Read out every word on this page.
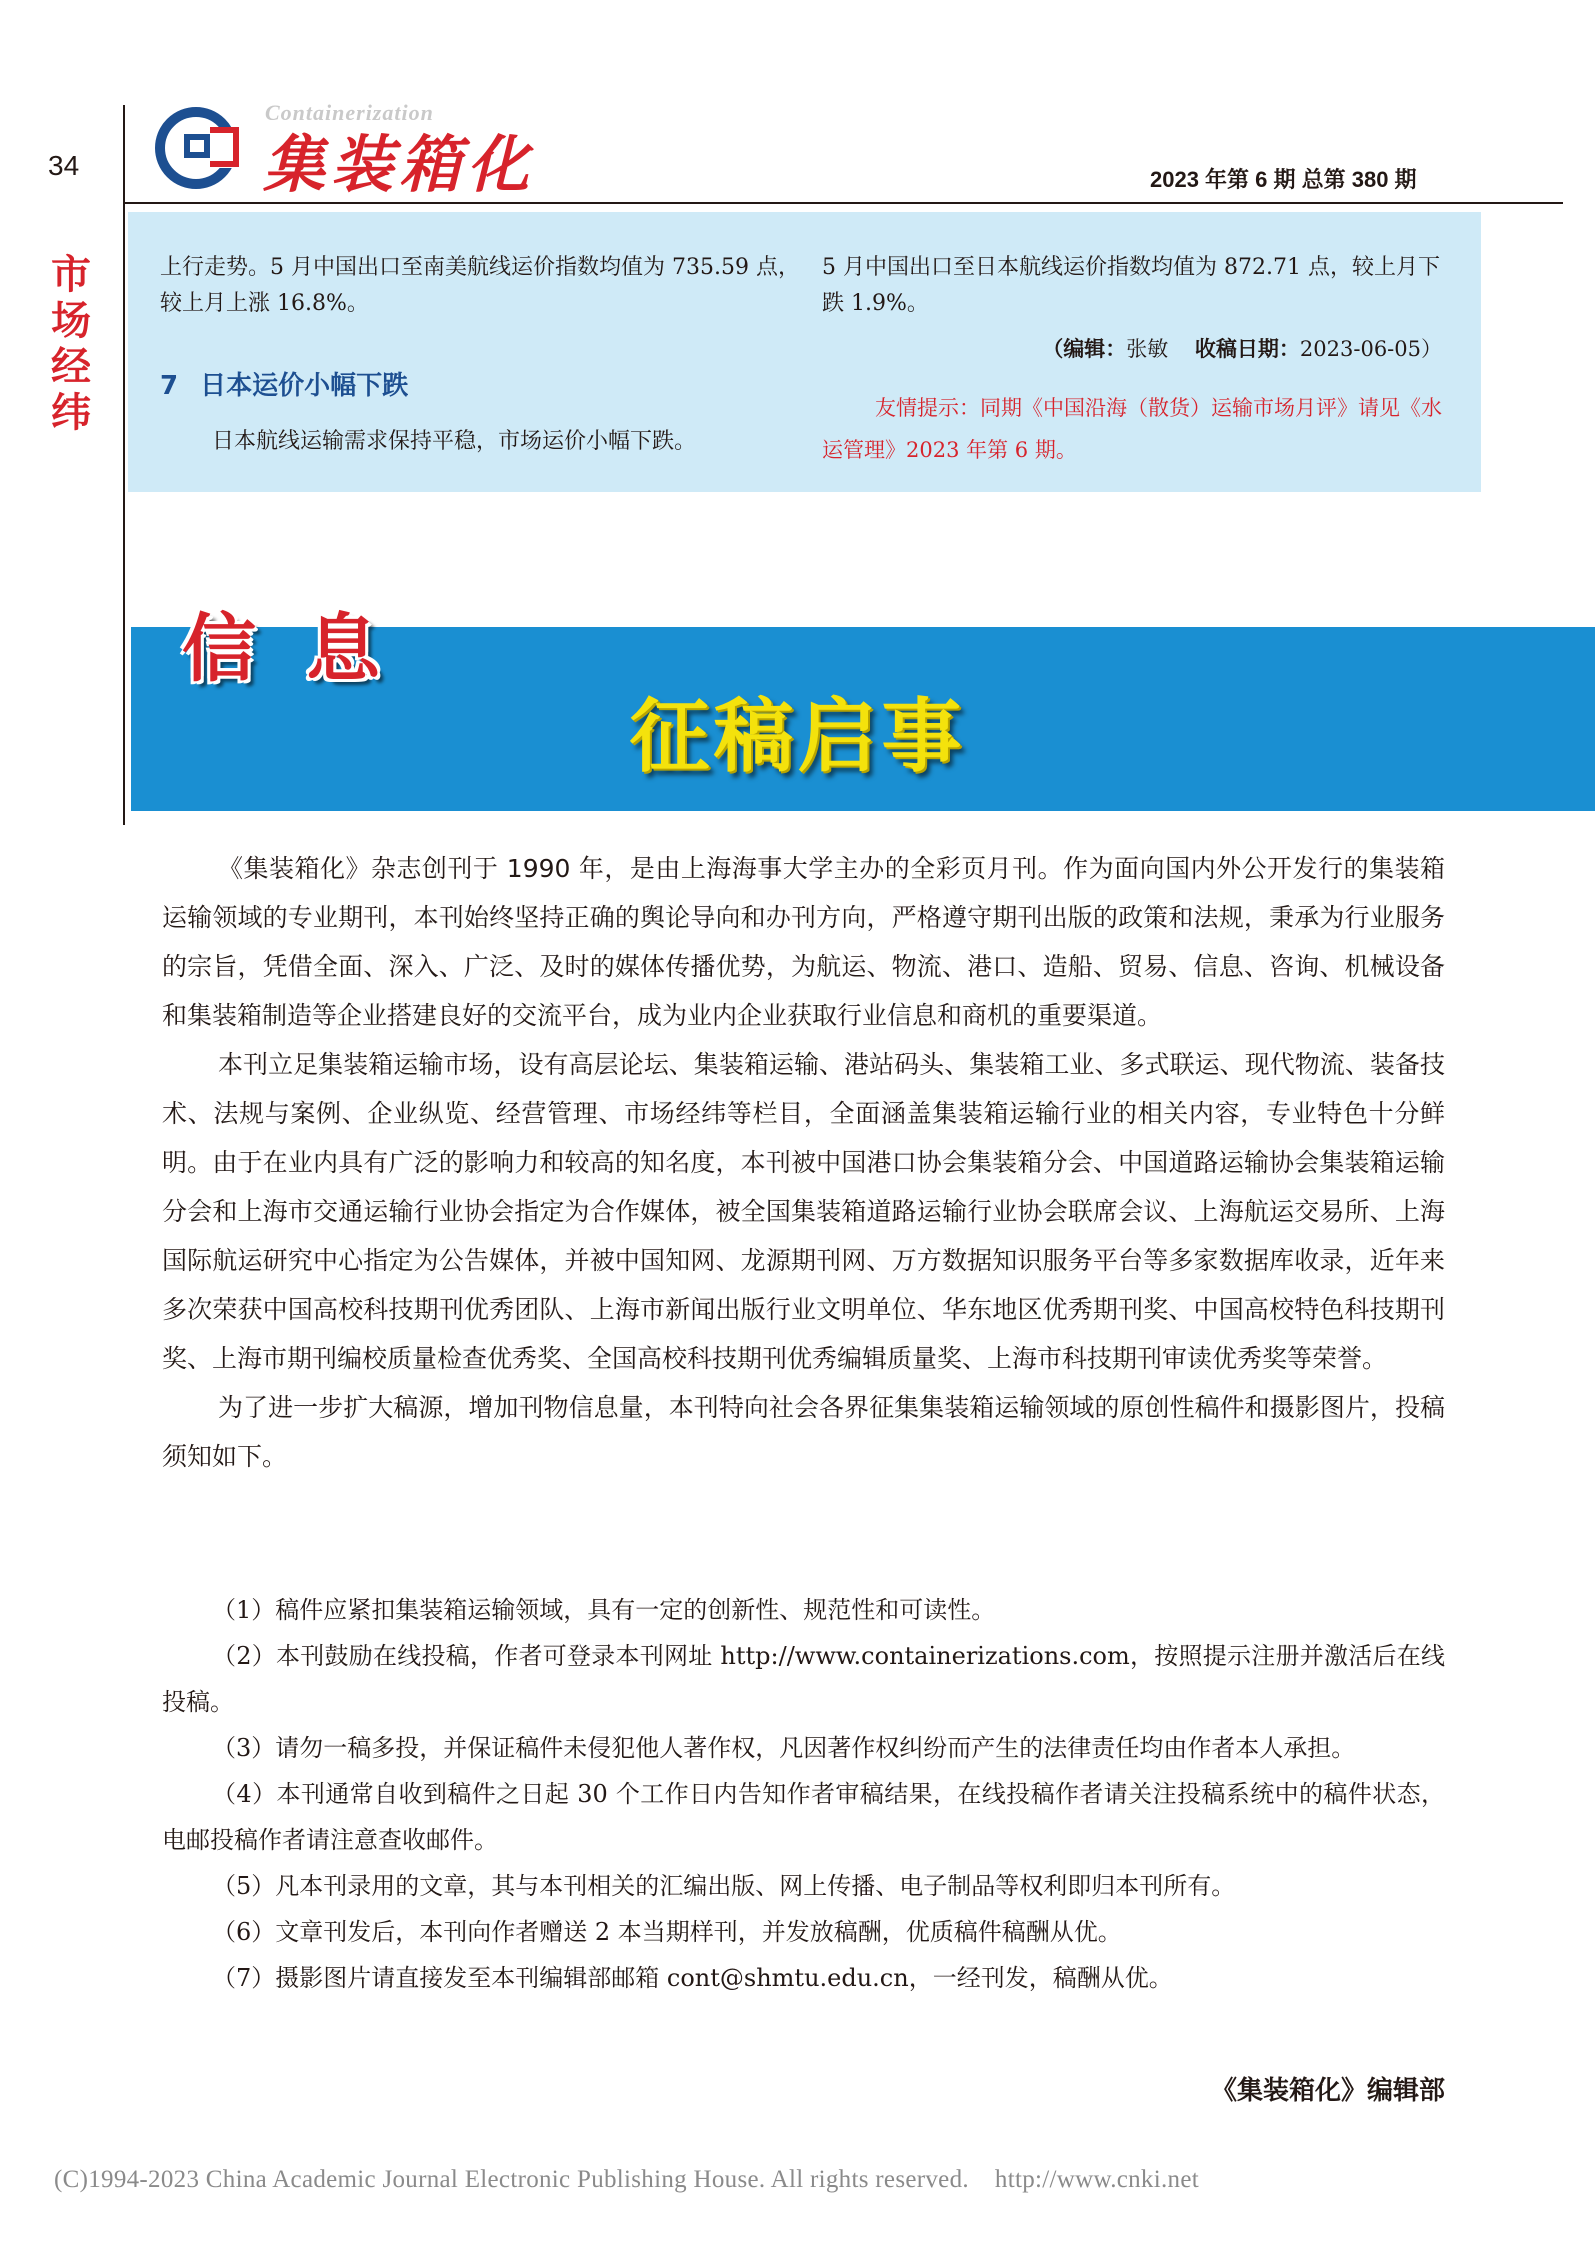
34
Containerization
集装箱化	2023 年第 6 期 总第 380 期
市
场
经
纬
上行走势。5 月中国出口至南美航线运价指数均值为 735.59 点，较上月上涨 16.8%。
7 日本运价小幅下跌
日本航线运输需求保持平稳，市场运价小幅下跌。
5 月中国出口至日本航线运价指数均值为 872.71 点，较上月下跌 1.9%。
（编辑：张敏 收稿日期：2023-06-05）
友情提示：同期《中国沿海（散货）运输市场月评》请见《水运管理》2023 年第 6 期。
信息
征稿启事

《集装箱化》杂志创刊于 1990 年，是由上海海事大学主办的全彩页月刊。作为面向国内外公开发行的集装箱运输领域的专业期刊，本刊始终坚持正确的舆论导向和办刊方向，严格遵守期刊出版的政策和法规，秉承为行业服务的宗旨，凭借全面、深入、广泛、及时的媒体传播优势，为航运、物流、港口、造船、贸易、信息、咨询、机械设备和集装箱制造等企业搭建良好的交流平台，成为业内企业获取行业信息和商机的重要渠道。

本刊立足集装箱运输市场，设有高层论坛、集装箱运输、港站码头、集装箱工业、多式联运、现代物流、装备技术、法规与案例、企业纵览、经营管理、市场经纬等栏目，全面涵盖集装箱运输行业的相关内容，专业特色十分鲜明。由于在业内具有广泛的影响力和较高的知名度，本刊被中国港口协会集装箱分会、中国道路运输协会集装箱运输分会和上海市交通运输行业协会指定为合作媒体，被全国集装箱道路运输行业协会联席会议、上海航运交易所、上海国际航运研究中心指定为公告媒体，并被中国知网、龙源期刊网、万方数据知识服务平台等多家数据库收录，近年来多次荣获中国高校科技期刊优秀团队、上海市新闻出版行业文明单位、华东地区优秀期刊奖、中国高校特色科技期刊奖、上海市期刊编校质量检查优秀奖、全国高校科技期刊优秀编辑质量奖、上海市科技期刊审读优秀奖等荣誉。

为了进一步扩大稿源，增加刊物信息量，本刊特向社会各界征集集装箱运输领域的原创性稿件和摄影图片，投稿须知如下。

（1）稿件应紧扣集装箱运输领域，具有一定的创新性、规范性和可读性。

（2）本刊鼓励在线投稿，作者可登录本刊网址 http://www.containerizations.com，按照提示注册并激活后在线投稿。

（3）请勿一稿多投，并保证稿件未侵犯他人著作权，凡因著作权纠纷而产生的法律责任均由作者本人承担。

（4）本刊通常自收到稿件之日起 30 个工作日内告知作者审稿结果，在线投稿作者请关注投稿系统中的稿件状态，电邮投稿作者请注意查收邮件。

（5）凡本刊录用的文章，其与本刊相关的汇编出版、网上传播、电子制品等权利即归本刊所有。

（6）文章刊发后，本刊向作者赠送 2 本当期样刊，并发放稿酬，优质稿件稿酬从优。

（7）摄影图片请直接发至本刊编辑部邮箱 cont@shmtu.edu.cn，一经刊发，稿酬从优。

《集装箱化》编辑部
(C)1994-2023 China Academic Journal Electronic Publishing House. All rights reserved. http://www.cnki.net
